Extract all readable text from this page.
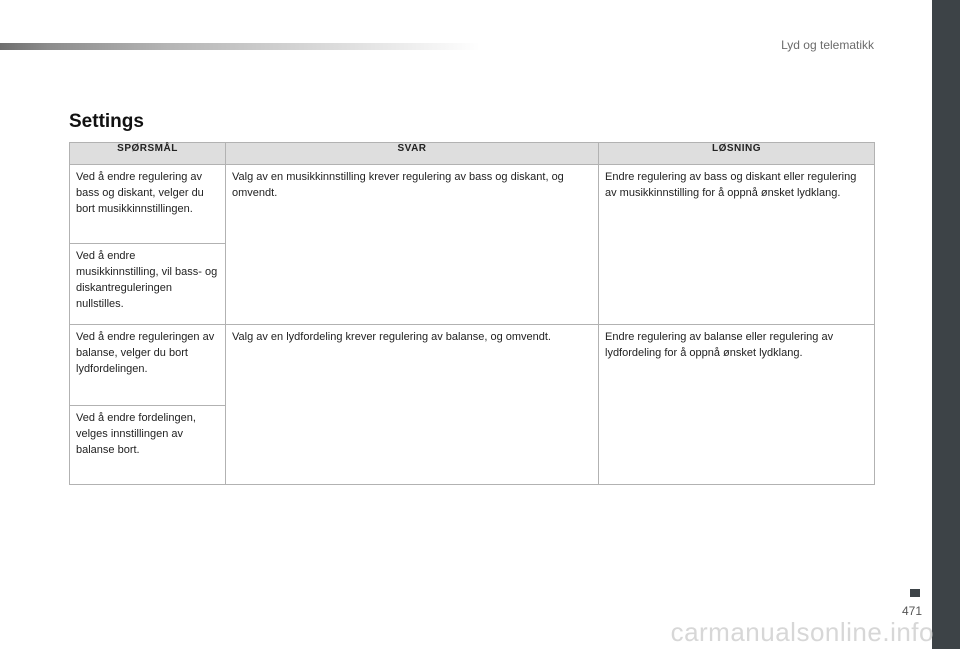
Lyd og telematikk
Settings
SPØRSMÅL	SVAR	LØSNING
Ved å endre regulering av bass og diskant, velger du bort musikkinnstillingen.	Valg av en musikkinnstilling krever regulering av bass og diskant, og omvendt.	Endre regulering av bass og diskant eller regulering av musikkinnstilling for å oppnå ønsket lydklang.
Ved å endre musikkinnstilling, vil bass- og diskantreguleringen nullstilles.		
Ved å endre reguleringen av balanse, velger du bort lydfordelingen.	Valg av en lydfordeling krever regulering av balanse, og omvendt.	Endre regulering av balanse eller regulering av lydfordeling for å oppnå ønsket lydklang.
Ved å endre fordelingen, velges innstillingen av balanse bort.		
471
carmanualsonline.info
